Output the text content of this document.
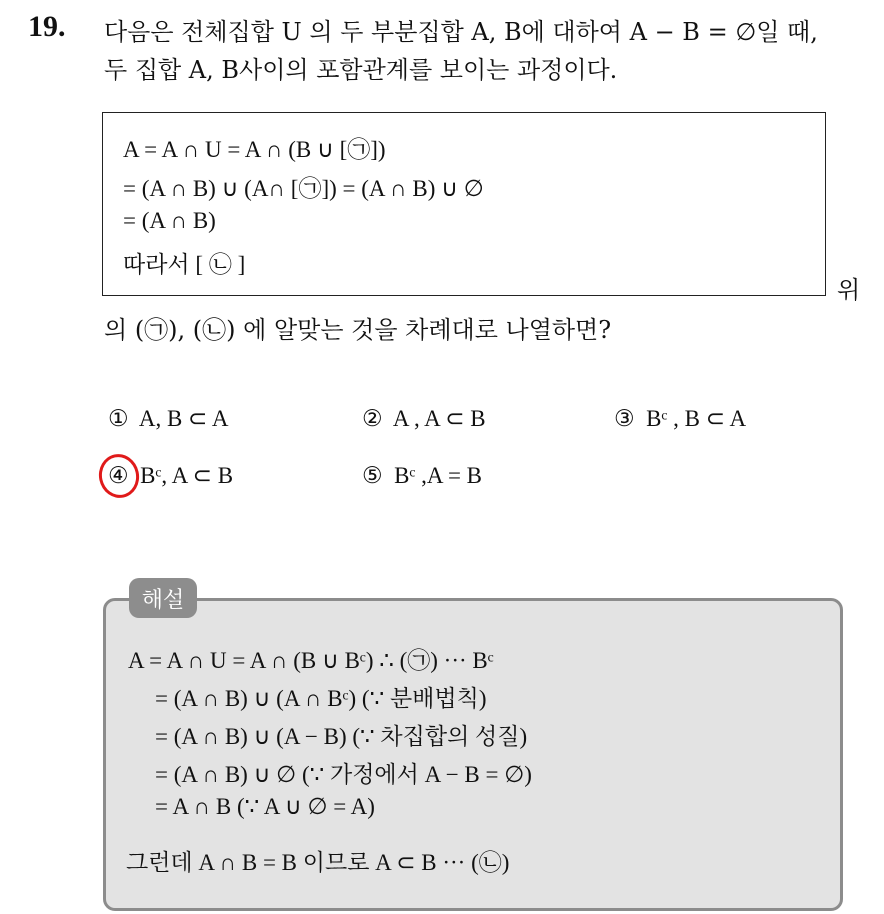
19. 다음은 전체집합 U 의 두 부분집합 A, B에 대하여 A − B = ∅일 때,
두 집합 A, B사이의 포함관계를 보이는 과정이다.
A = A ∩ U = A ∩ (B ∪ [㉠])
= (A ∩ B) ∪ (A∩ [㉠]) = (A ∩ B) ∪ ∅
= (A ∩ B)
따라서 [ ㉡ ]
위
의 (㉠), (㉡) 에 알맞는 것을 차례대로 나열하면?
① A, B ⊂ A	② A , A ⊂ B	③ Bᶜ , B ⊂ A
④ Bᶜ, A ⊂ B	⑤ Bᶜ ,A = B
해설
A = A ∩ U = A ∩ (B ∪ Bᶜ) ∴ (㉠) ··· Bᶜ
= (A ∩ B) ∪ (A ∩ Bᶜ) (∵ 분배법칙)
= (A ∩ B) ∪ (A − B) (∵ 차집합의 성질)
= (A ∩ B) ∪ ∅ (∵ 가정에서 A − B = ∅)
= A ∩ B (∵ A ∪ ∅ = A)
그런데 A ∩ B = B 이므로 A ⊂ B ··· (㉡)
